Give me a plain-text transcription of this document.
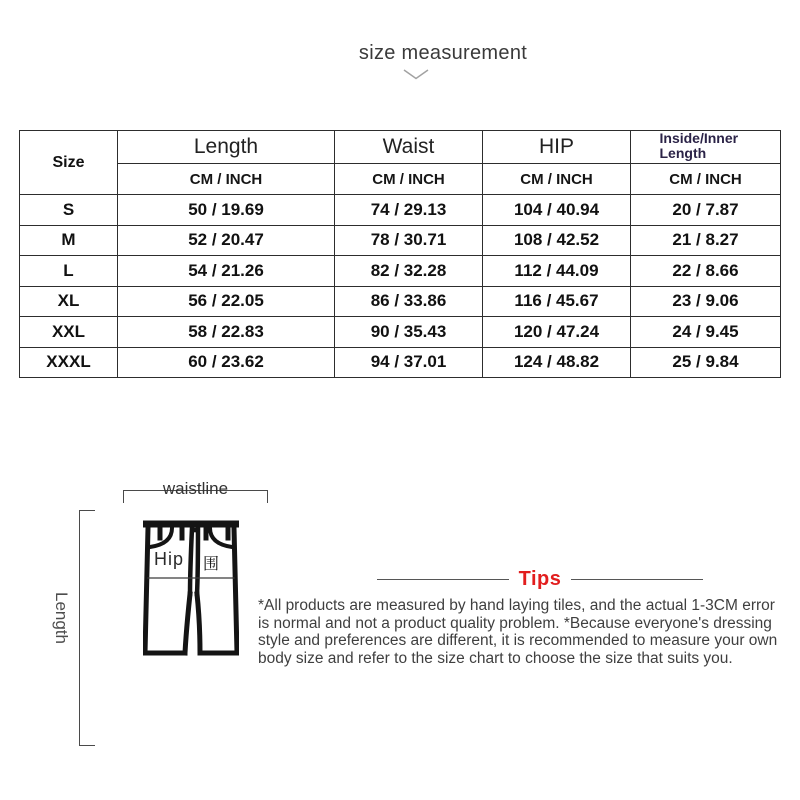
size measurement
Size	Length	Waist	HIP	Inside/Inner Length
	CM / INCH	CM / INCH	CM / INCH	CM / INCH
S	50 / 19.69	74 / 29.13	104 / 40.94	20 / 7.87
M	52 / 20.47	78 / 30.71	108 / 42.52	21 / 8.27
L	54 / 21.26	82 / 32.28	112 / 44.09	22 / 8.66
XL	56 / 22.05	86 / 33.86	116 / 45.67	23 / 9.06
XXL	58 / 22.83	90 / 35.43	120 / 47.24	24 / 9.45
XXXL	60 / 23.62	94 / 37.01	124 / 48.82	25 / 9.84
waistline
Length
Hip 围
Tips
*All products are measured by hand laying tiles, and the actual 1-3CM error is normal and not a product quality problem. *Because everyone's dressing style and preferences are different, it is recommended to measure your own body size and refer to the size chart to choose the size that suits you.
